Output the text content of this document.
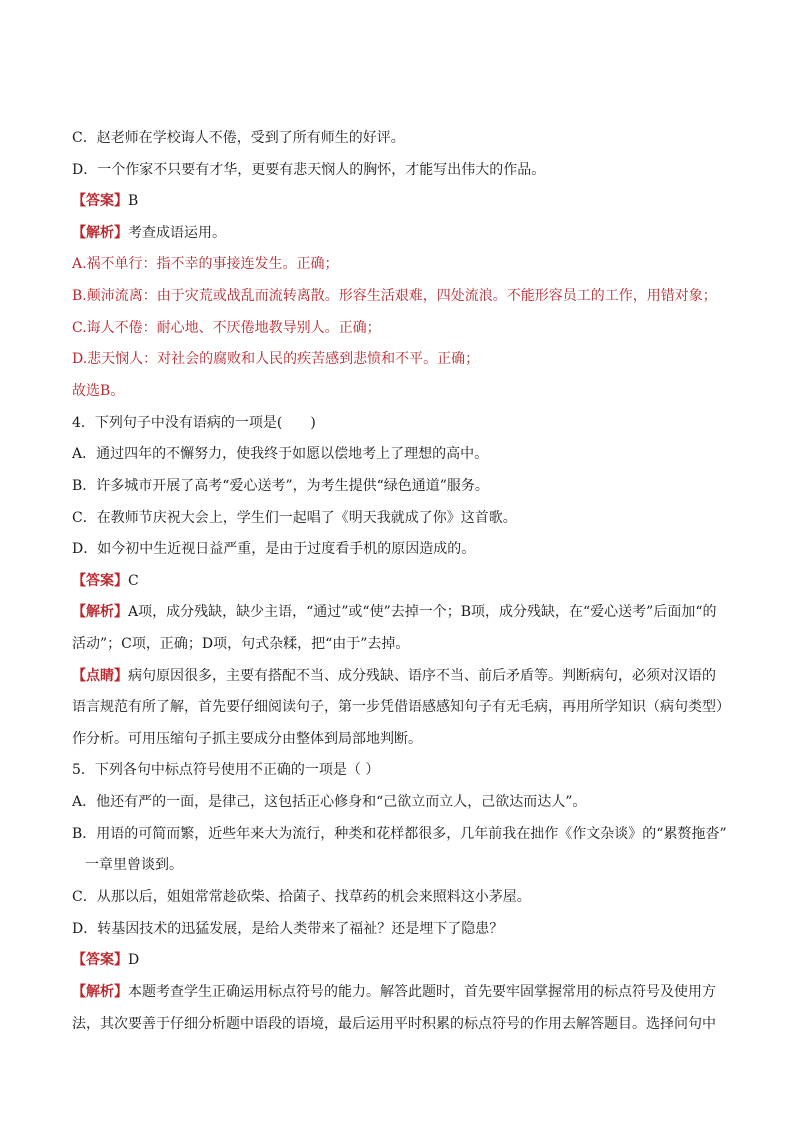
C．赵老师在学校诲人不倦，受到了所有师生的好评。
D．一个作家不只要有才华，更要有悲天悯人的胸怀，才能写出伟大的作品。
【答案】B
【解析】考查成语运用。
A.祸不单行：指不幸的事接连发生。正确；
B.颠沛流离：由于灾荒或战乱而流转离散。形容生活艰难，四处流浪。不能形容员工的工作，用错对象；
C.诲人不倦：耐心地、不厌倦地教导别人。正确；
D.悲天悯人：对社会的腐败和人民的疾苦感到悲愤和不平。正确；
故选B。
4．下列句子中没有语病的一项是(　　)
A．通过四年的不懈努力，使我终于如愿以偿地考上了理想的高中。
B．许多城市开展了高考“爱心送考”，为考生提供“绿色通道”服务。
C．在教师节庆祝大会上，学生们一起唱了《明天我就成了你》这首歌。
D．如今初中生近视日益严重，是由于过度看手机的原因造成的。
【答案】C
【解析】A项，成分残缺，缺少主语，“通过”或“使”去掉一个；B项，成分残缺，在“爱心送考”后面加“的
活动”；C项，正确；D项，句式杂糅，把“由于”去掉。
【点睛】病句原因很多，主要有搭配不当、成分残缺、语序不当、前后矛盾等。判断病句，必须对汉语的
语言规范有所了解，首先要仔细阅读句子，第一步凭借语感感知句子有无毛病，再用所学知识（病句类型）
作分析。可用压缩句子抓主要成分由整体到局部地判断。
5．下列各句中标点符号使用不正确的一项是（ ）
A．他还有严的一面，是律己，这包括正心修身和“己欲立而立人，己欲达而达人”。
B．用语的可简而繁，近些年来大为流行，种类和花样都很多，几年前我在拙作《作文杂谈》的“累赘拖沓”
一章里曾谈到。
C．从那以后，姐姐常常趁砍柴、拾菌子、找草药的机会来照料这小茅屋。
D．转基因技术的迅猛发展，是给人类带来了福祉？还是埋下了隐患？
【答案】D
【解析】本题考查学生正确运用标点符号的能力。解答此题时，首先要牢固掌握常用的标点符号及使用方
法，其次要善于仔细分析题中语段的语境，最后运用平时积累的标点符号的作用去解答题目。选择问句中
